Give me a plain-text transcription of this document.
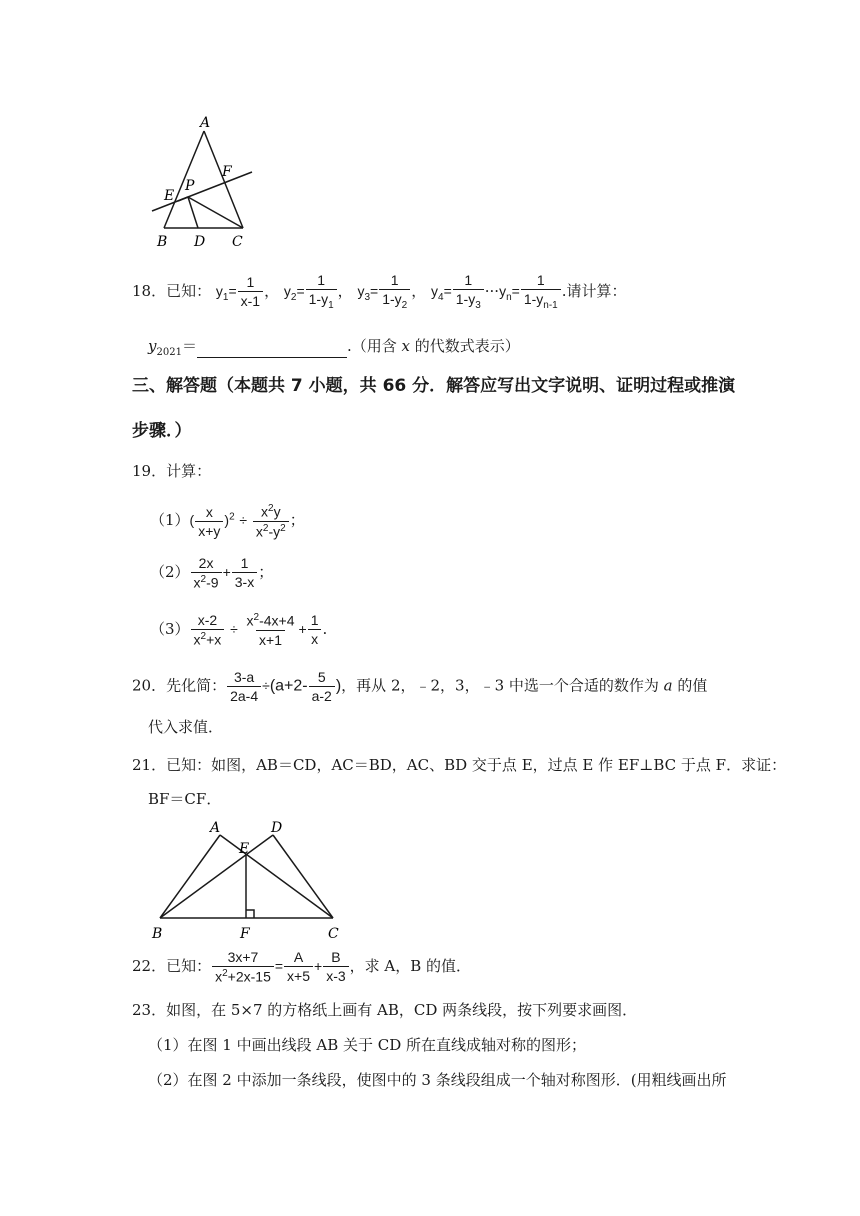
A
E
P
F
B D C
18．已知： $y_1= \frac{1}{x-1}$ ， $y_2= \frac{1}{1-y_1}$ ， $y_3= \frac{1}{1-y_2}$ ， $y_4= \frac{1}{1-y_3} \cdot\cdot\cdot y_n= \frac{1}{1-y_{n-1}}$ .请计算：
$y_{2021}=$	.（用含 x 的代数式表示）
三、解答题（本题共 7 小题，共 66 分．解答应写出文字说明、证明过程或推演
步骤．）
19．计算：
$(1)( \frac{x}{x+y} )^2 \div \frac{x^2y}{x^2-y^2}$ ；
$(2) \frac{2x}{x^2-9} + \frac{1}{3-x}$ ；
$(3) \frac{x-2}{x^2+x} \div \frac{x^2-4x+4}{x+1} + \frac{1}{x}$ .
20．先化简： $\frac{3-a}{2a-4} \div(a+2- \frac{5}{a-2}$ )，再从 2，﹣2，3，﹣3 中选一个合适的数作为 a 的值
代入求值．
21．已知：如图，AB＝CD，AC＝BD，AC、BD 交于点 E，过点 E 作 EF⊥BC 于点 F．求证：
BF＝CF．
A	D
E
B	F	C
22．已知： $\frac{3x+7}{x^2+2x-15} = \frac{A}{x+5} + \frac{B}{x-3}$ ，求 A，B 的值．
23．如图，在 5×7 的方格纸上画有 AB，CD 两条线段，按下列要求画图．
（1）在图 1 中画出线段 AB 关于 CD 所在直线成轴对称的图形；
（2）在图 2 中添加一条线段，使图中的 3 条线段组成一个轴对称图形．(用粗线画出所
